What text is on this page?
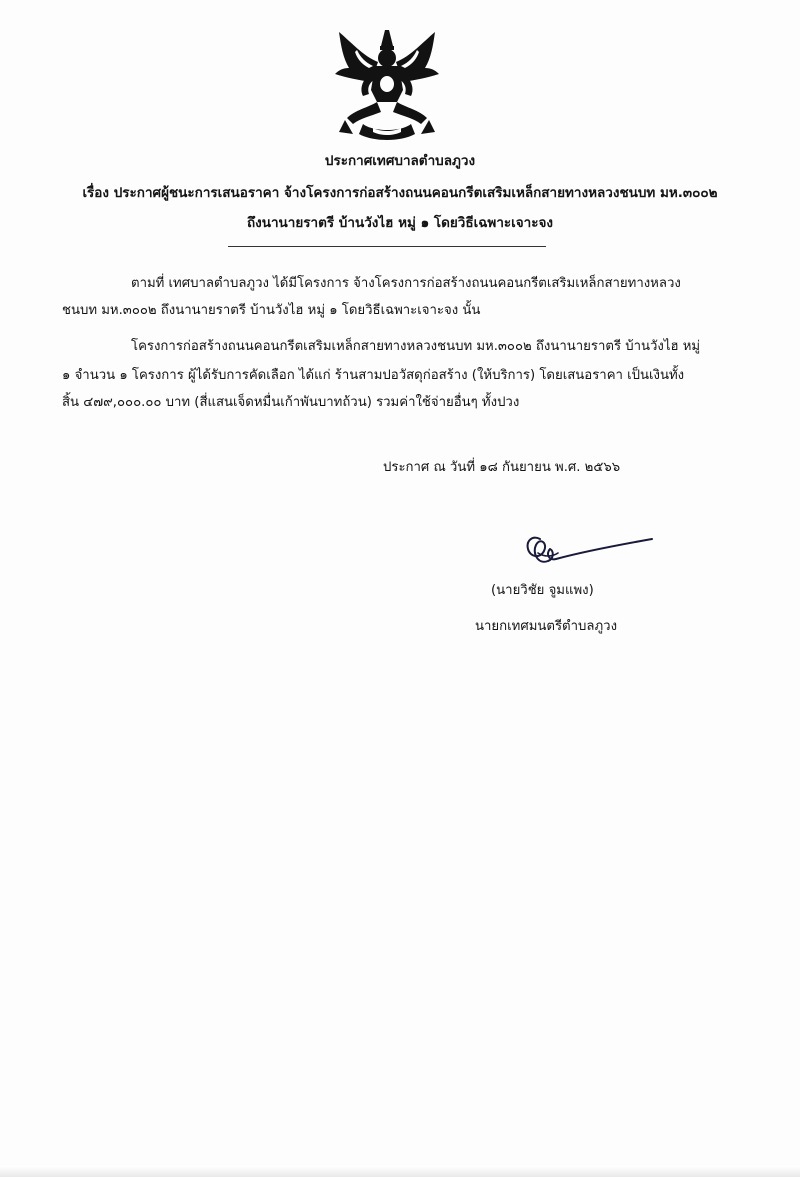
ประกาศเทศบาลตำบลภูวง
เรื่อง ประกาศผู้ชนะการเสนอราคา จ้างโครงการก่อสร้างถนนคอนกรีตเสริมเหล็กสายทางหลวงชนบท มห.๓๐๐๒
ถึงนานายราตรี บ้านวังไฮ หมู่ ๑ โดยวิธีเฉพาะเจาะจง
ตามที่ เทศบาลตำบลภูวง ได้มีโครงการ จ้างโครงการก่อสร้างถนนคอนกรีตเสริมเหล็กสายทางหลวง
ชนบท มห.๓๐๐๒ ถึงนานายราตรี บ้านวังไฮ หมู่ ๑ โดยวิธีเฉพาะเจาะจง นั้น
โครงการก่อสร้างถนนคอนกรีตเสริมเหล็กสายทางหลวงชนบท มห.๓๐๐๒ ถึงนานายราตรี บ้านวังไฮ หมู่
๑ จำนวน ๑ โครงการ ผู้ได้รับการคัดเลือก ได้แก่ ร้านสามปอวัสดุก่อสร้าง (ให้บริการ) โดยเสนอราคา เป็นเงินทั้ง
สิ้น ๔๗๙,๐๐๐.๐๐ บาท (สี่แสนเจ็ดหมื่นเก้าพันบาทถ้วน) รวมค่าใช้จ่ายอื่นๆ ทั้งปวง
ประกาศ ณ วันที่ ๑๘ กันยายน พ.ศ. ๒๕๖๖
(นายวิชัย จูมแพง)
นายกเทศมนตรีตำบลภูวง
